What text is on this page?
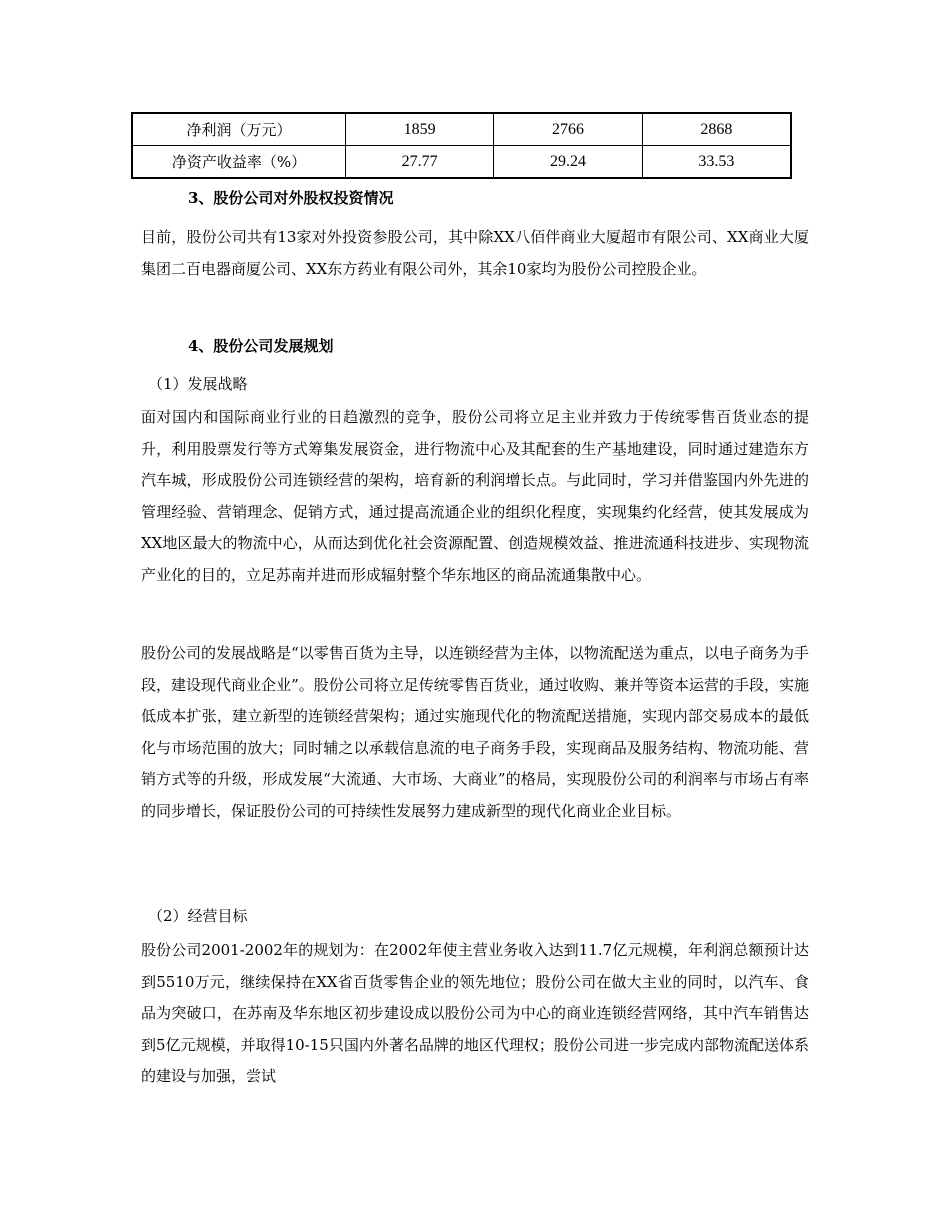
净利润（万元）	1859	2766	2868
净资产收益率（%）	27.77	29.24	33.53
3、股份公司对外股权投资情况
目前，股份公司共有13家对外投资参股公司，其中除XX八佰伴商业大厦超市有限公司、XX商业大厦集团二百电器商厦公司、XX东方药业有限公司外，其余10家均为股份公司控股企业。
4、股份公司发展规划
（1）发展战略
面对国内和国际商业行业的日趋激烈的竞争，股份公司将立足主业并致力于传统零售百货业态的提升，利用股票发行等方式筹集发展资金，进行物流中心及其配套的生产基地建设，同时通过建造东方汽车城，形成股份公司连锁经营的架构，培育新的利润增长点。与此同时，学习并借鉴国内外先进的管理经验、营销理念、促销方式，通过提高流通企业的组织化程度，实现集约化经营，使其发展成为XX地区最大的物流中心，从而达到优化社会资源配置、创造规模效益、推进流通科技进步、实现物流产业化的目的，立足苏南并进而形成辐射整个华东地区的商品流通集散中心。
股份公司的发展战略是“以零售百货为主导，以连锁经营为主体，以物流配送为重点，以电子商务为手段，建设现代商业企业”。股份公司将立足传统零售百货业，通过收购、兼并等资本运营的手段，实施低成本扩张，建立新型的连锁经营架构；通过实施现代化的物流配送措施，实现内部交易成本的最低化与市场范围的放大；同时辅之以承载信息流的电子商务手段，实现商品及服务结构、物流功能、营销方式等的升级，形成发展“大流通、大市场、大商业”的格局，实现股份公司的利润率与市场占有率的同步增长，保证股份公司的可持续性发展努力建成新型的现代化商业企业目标。
（2）经营目标
股份公司2001-2002年的规划为：在2002年使主营业务收入达到11.7亿元规模，年利润总额预计达到5510万元，继续保持在XX省百货零售企业的领先地位；股份公司在做大主业的同时，以汽车、食品为突破口，在苏南及华东地区初步建设成以股份公司为中心的商业连锁经营网络，其中汽车销售达到5亿元规模，并取得10-15只国内外著名品牌的地区代理权；股份公司进一步完成内部物流配送体系的建设与加强，尝试
